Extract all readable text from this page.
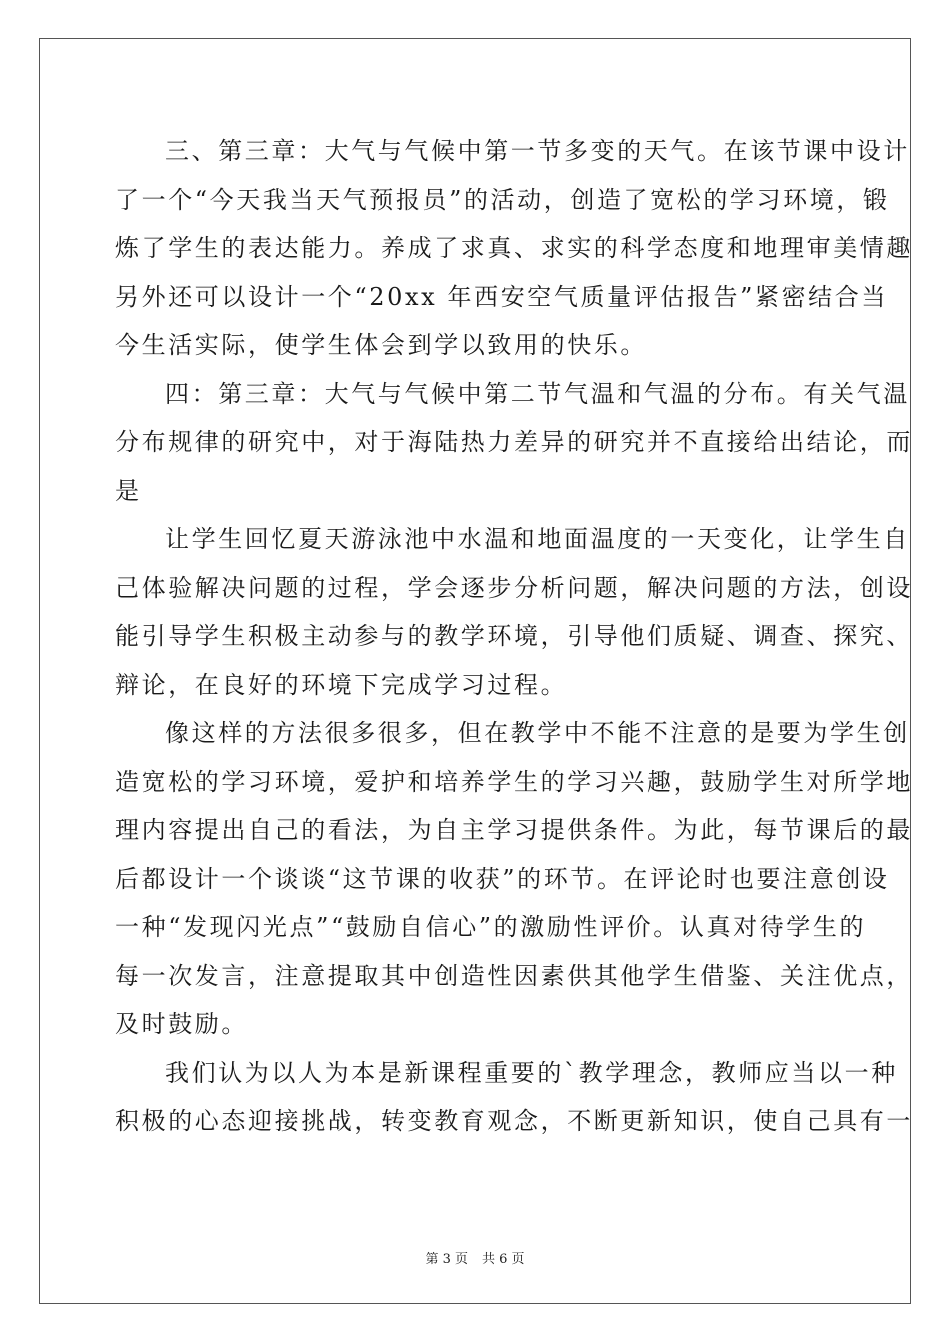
三、第三章：大气与气候中第一节多变的天气。在该节课中设计
了一个“今天我当天气预报员”的活动，创造了宽松的学习环境，锻
炼了学生的表达能力。养成了求真、求实的科学态度和地理审美情趣
另外还可以设计一个“20xx 年西安空气质量评估报告”紧密结合当
今生活实际，使学生体会到学以致用的快乐。
四：第三章：大气与气候中第二节气温和气温的分布。有关气温
分布规律的研究中，对于海陆热力差异的研究并不直接给出结论，而
是
让学生回忆夏天游泳池中水温和地面温度的一天变化，让学生自
己体验解决问题的过程，学会逐步分析问题，解决问题的方法，创设
能引导学生积极主动参与的教学环境，引导他们质疑、调查、探究、
辩论，在良好的环境下完成学习过程。
像这样的方法很多很多，但在教学中不能不注意的是要为学生创
造宽松的学习环境，爱护和培养学生的学习兴趣，鼓励学生对所学地
理内容提出自己的看法，为自主学习提供条件。为此，每节课后的最
后都设计一个谈谈“这节课的收获”的环节。在评论时也要注意创设
一种“发现闪光点”“鼓励自信心”的激励性评价。认真对待学生的
每一次发言，注意提取其中创造性因素供其他学生借鉴、关注优点，
及时鼓励。
我们认为以人为本是新课程重要的`教学理念，教师应当以一种
积极的心态迎接挑战，转变教育观念，不断更新知识，使自己具有一
第 3 页 共 6 页
